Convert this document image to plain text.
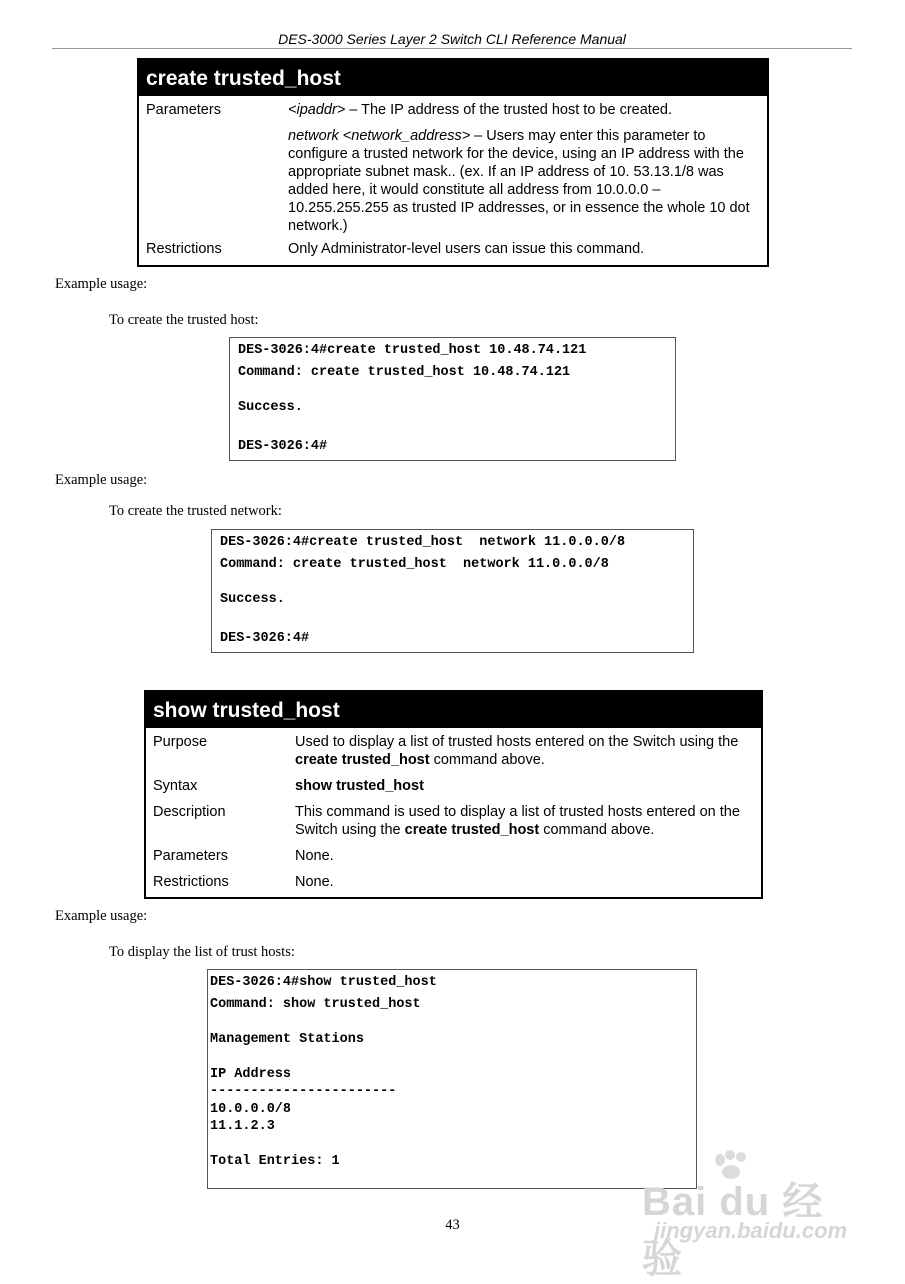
DES-3000 Series Layer 2 Switch CLI Reference Manual
create trusted_host
Parameters	<ipaddr> – The IP address of the trusted host to be created.

network <network_address> – Users may enter this parameter to configure a trusted network for the device, using an IP address with the appropriate subnet mask.. (ex. If an IP address of 10. 53.13.1/8 was added here, it would constitute all address from 10.0.0.0 – 10.255.255.255 as trusted IP addresses, or in essence the whole 10 dot network.)

Restrictions	Only Administrator-level users can issue this command.
Example usage:
To create the trusted host:
DES-3026:4#create trusted_host 10.48.74.121
Command: create trusted_host 10.48.74.121
Success.
DES-3026:4#
Example usage:
To create the trusted network:
DES-3026:4#create trusted_host  network 11.0.0.0/8
Command: create trusted_host  network 11.0.0.0/8
Success.
DES-3026:4#
show trusted_host
Purpose	Used to display a list of trusted hosts entered on the Switch using the create trusted_host command above.
Syntax	show trusted_host
Description	This command is used to display a list of trusted hosts entered on the Switch using the create trusted_host command above.
Parameters	None.
Restrictions	None.
Example usage:
To display the list of trust hosts:
DES-3026:4#show trusted_host
Command: show trusted_host
Management Stations
IP Address
-----------------------
10.0.0.0/8
11.1.2.3
Total Entries: 1
43
Bai du 经验
jingyan.baidu.com
